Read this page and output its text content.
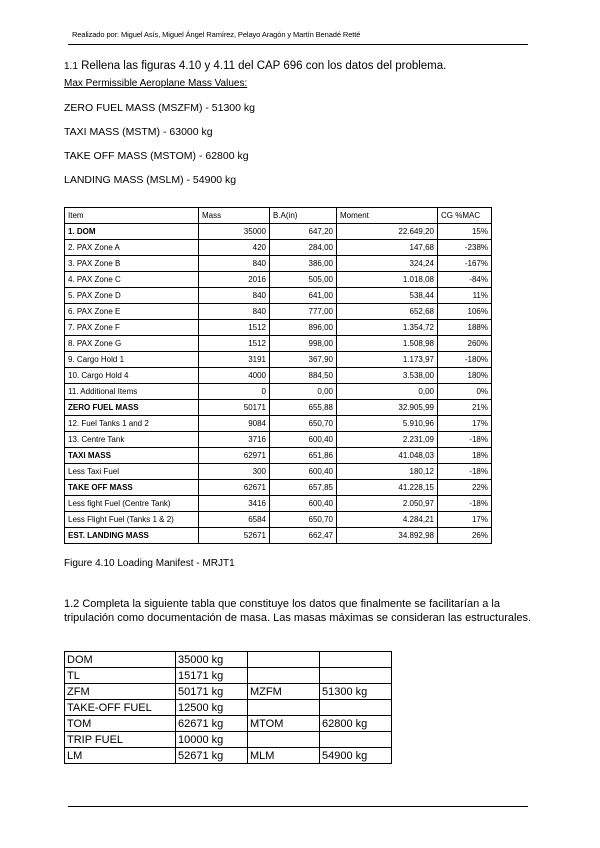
Realizado por: Miguel Asís, Miguel Ángel Ramírez, Pelayo Aragón y Martín Benadé Retté
1.1 Rellena las figuras 4.10 y 4.11 del CAP 696 con los datos del problema.
Max Permissible Aeroplane Mass Values:
ZERO FUEL MASS (MSZFM) - 51300 kg
TAXI MASS (MSTM) - 63000 kg
TAKE OFF MASS (MSTOM) - 62800 kg
LANDING MASS (MSLM) - 54900 kg
Item	Mass	B.A(in)	Moment	CG %MAC
1. DOM	35000	647,20	22.649,20	15%
2. PAX Zone A	420	284,00	147,68	-238%
3. PAX Zone B	840	386,00	324,24	-167%
4. PAX Zone C	2016	505,00	1.018,08	-84%
5. PAX Zone D	840	641,00	538,44	11%
6. PAX Zone E	840	777,00	652,68	106%
7. PAX Zone F	1512	896,00	1.354,72	188%
8. PAX Zone G	1512	998,00	1.508,98	260%
9. Cargo Hold 1	3191	367,90	1.173,97	-180%
10. Cargo Hold 4	4000	884,50	3.538,00	180%
11. Additional Items	0	0,00	0,00	0%
ZERO FUEL MASS	50171	655,88	32.905,99	21%
12. Fuel Tanks 1 and 2	9084	650,70	5.910,96	17%
13. Centre Tank	3716	600,40	2.231,09	-18%
TAXI MASS	62971	651,86	41.048,03	18%
Less Taxi Fuel	300	600,40	180,12	-18%
TAKE OFF MASS	62671	657,85	41.228,15	22%
Less fight Fuel (Centre Tank)	3416	600,40	2.050,97	-18%
Less Flight Fuel (Tanks 1 & 2)	6584	650,70	4.284,21	17%
EST. LANDING MASS	52671	662,47	34.892,98	26%
Figure 4.10 Loading Manifest - MRJT1
1.2 Completa la siguiente tabla que constituye los datos que finalmente se facilitarían a la tripulación como documentación de masa. Las masas máximas se consideran las estructurales.
DOM	35000 kg		
TL	15171 kg		
ZFM	50171 kg	MZFM	51300 kg
TAKE-OFF FUEL	12500 kg		
TOM	62671 kg	MTOM	62800 kg
TRIP FUEL	10000 kg		
LM	52671 kg	MLM	54900 kg
